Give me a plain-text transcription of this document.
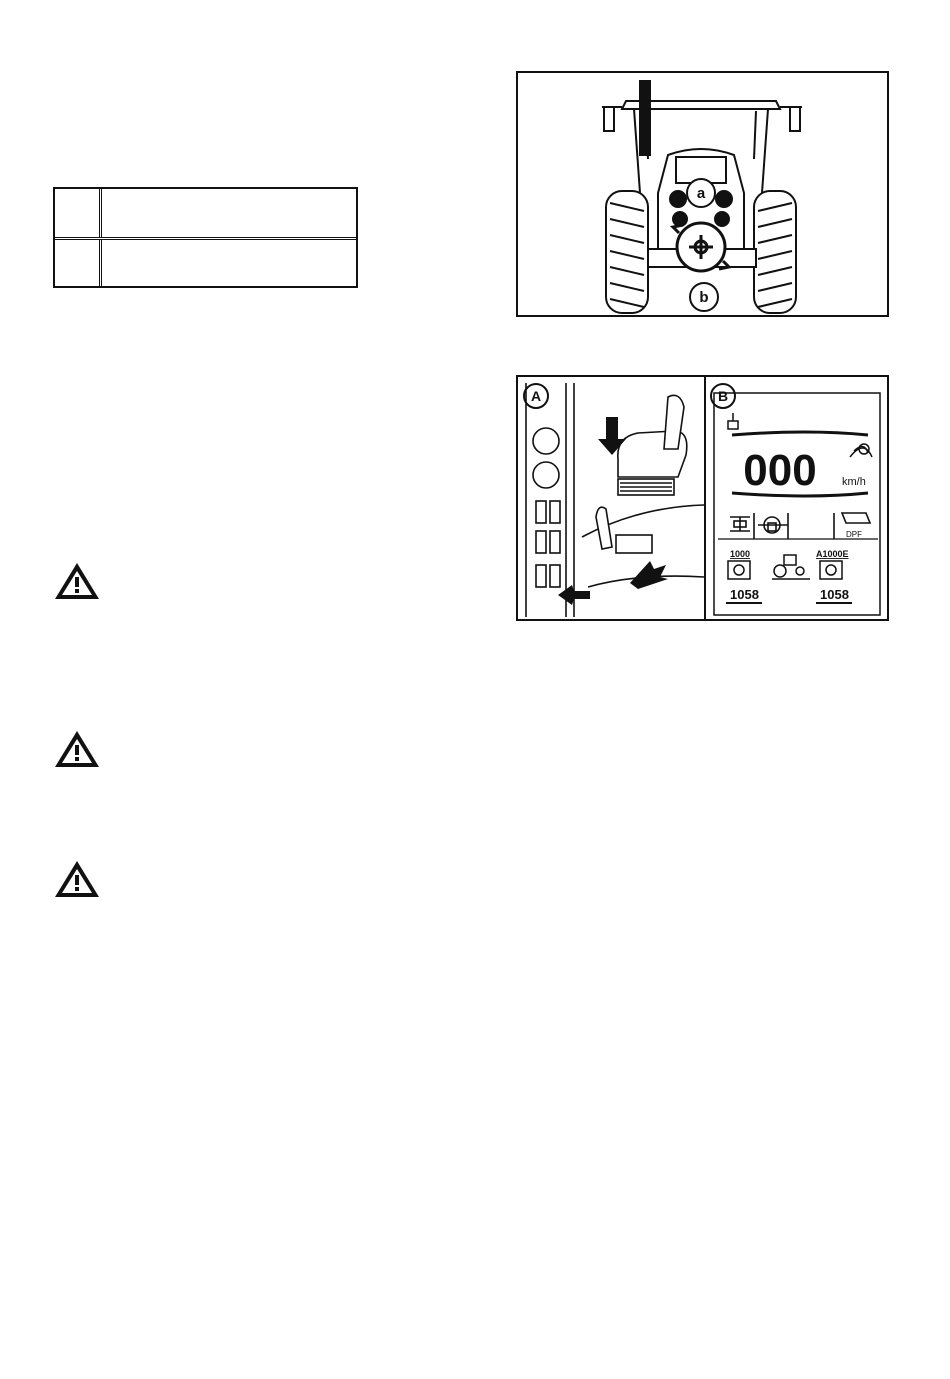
a
b
A	B
000 km/h
DPF
1000	A1000E
1058	1058
